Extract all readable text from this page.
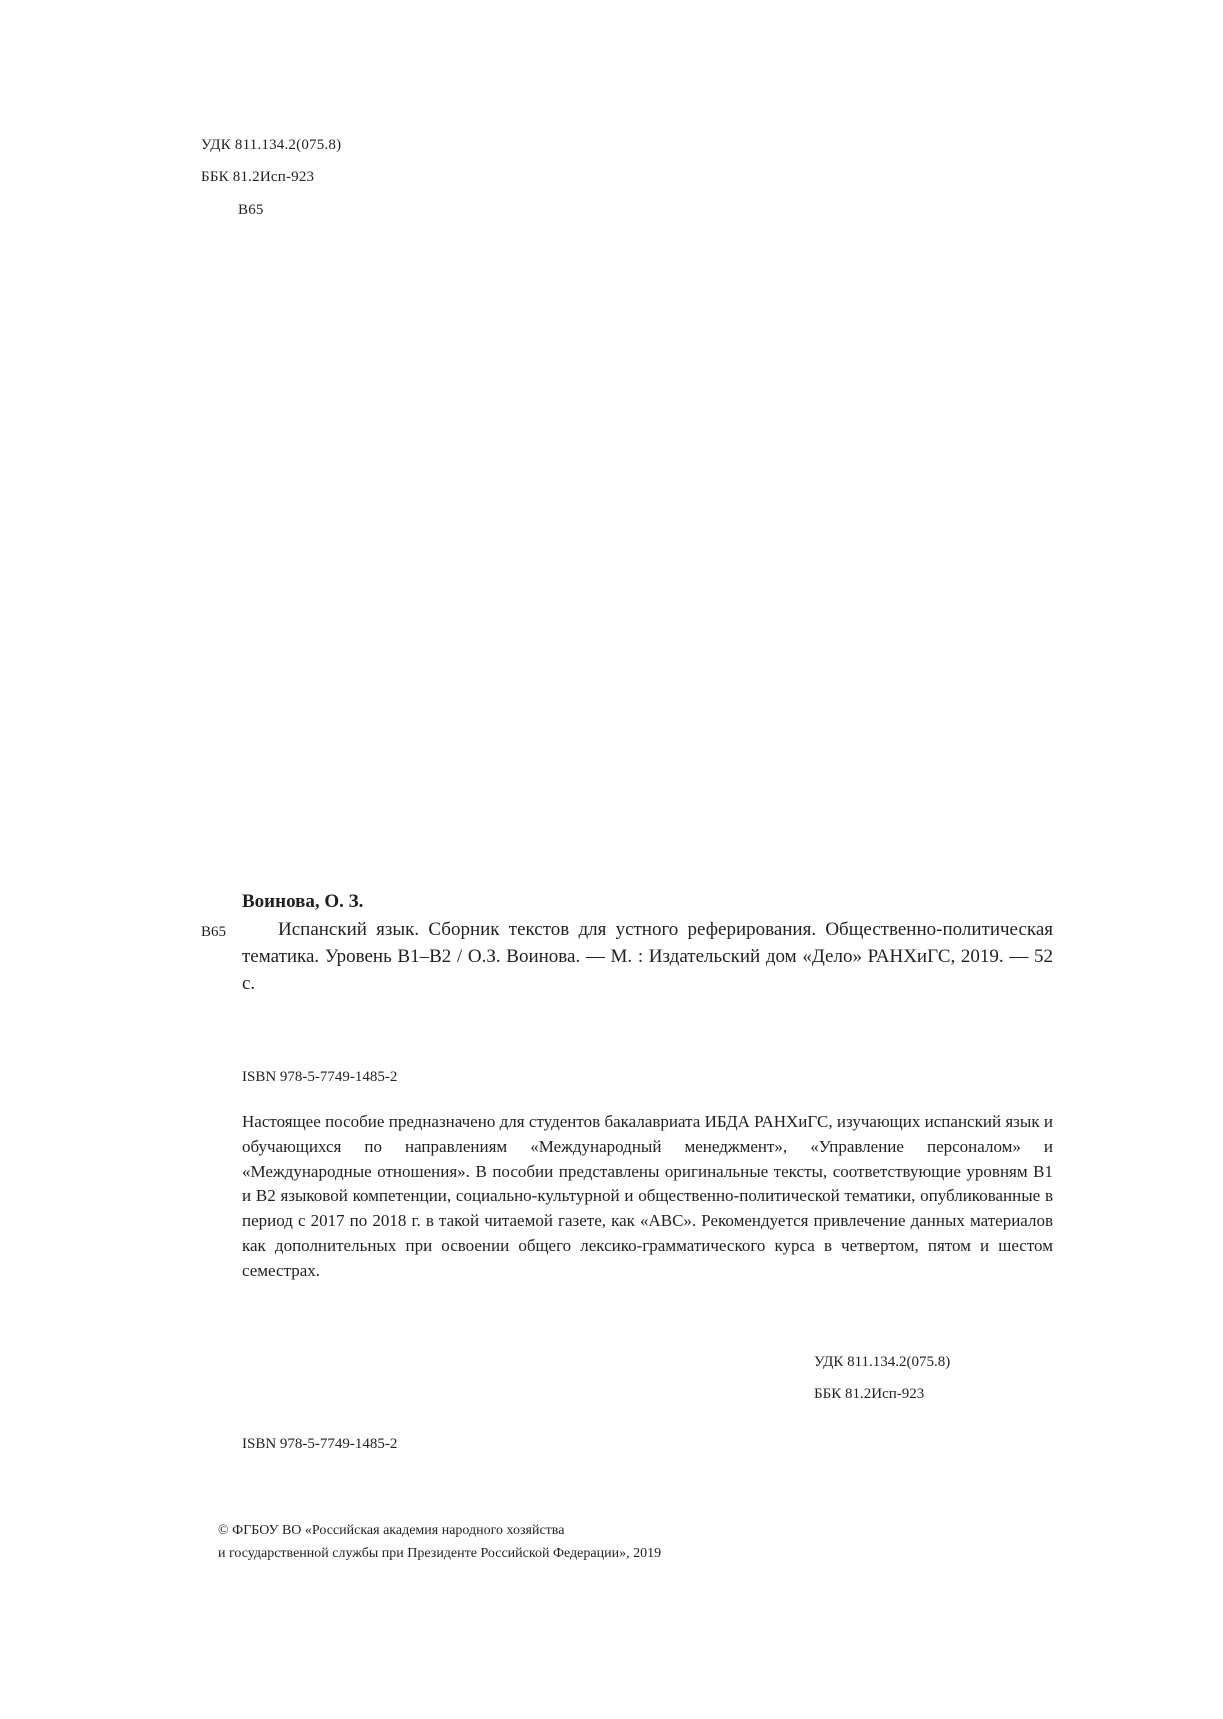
УДК 811.134.2(075.8)
ББК 81.2Исп-923
В65
Воинова, О. З.
В65	Испанский язык. Сборник текстов для устного реферирования. Общественно-политическая тематика. Уровень B1–B2 / О.З. Воинова. — М. : Издательский дом «Дело» РАНХиГС, 2019. — 52 с.
ISBN 978-5-7749-1485-2
Настоящее пособие предназначено для студентов бакалавриата ИБДА РАНХиГС, изучающих испанский язык и обучающихся по направлениям «Международный менеджмент», «Управление персоналом» и «Международные отношения». В пособии представлены оригинальные тексты, соответствующие уровням B1 и B2 языковой компетенции, социально-культурной и общественно-политической тематики, опубликованные в период с 2017 по 2018 г. в такой читаемой газете, как «ABC». Рекомендуется привлечение данных материалов как дополнительных при освоении общего лексико-грамматического курса в четвертом, пятом и шестом семестрах.
УДК 811.134.2(075.8)
ББК 81.2Исп-923
ISBN 978-5-7749-1485-2
© ФГБОУ ВО «Российская академия народного хозяйства
и государственной службы при Президенте Российской Федерации», 2019
